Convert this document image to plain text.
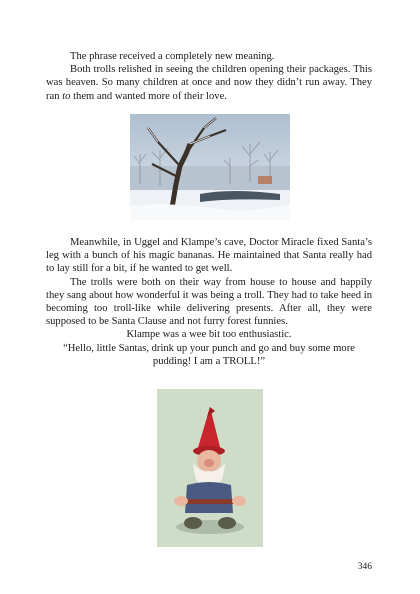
The phrase received a completely new meaning.

Both trolls relished in seeing the children opening their packages. This was heaven. So many children at once and now they didn’t run away. They ran to them and wanted more of their love.

Meanwhile, in Uggel and Klampe’s cave, Doctor Miracle fixed Santa’s leg with a bunch of his magic bananas. He maintained that Santa really had to lay still for a bit, if he wanted to get well.

The trolls were both on their way from house to house and happily they sang about how wonderful it was being a troll. They had to take heed in becoming too troll-like while delivering presents. After all, they were supposed to be Santa Clause and not furry forest funnies.

Klampe was a wee bit too enthusiastic.

“Hello, little Santas, drink up your punch and go and buy some more pudding! I am a TROLL!”

346
